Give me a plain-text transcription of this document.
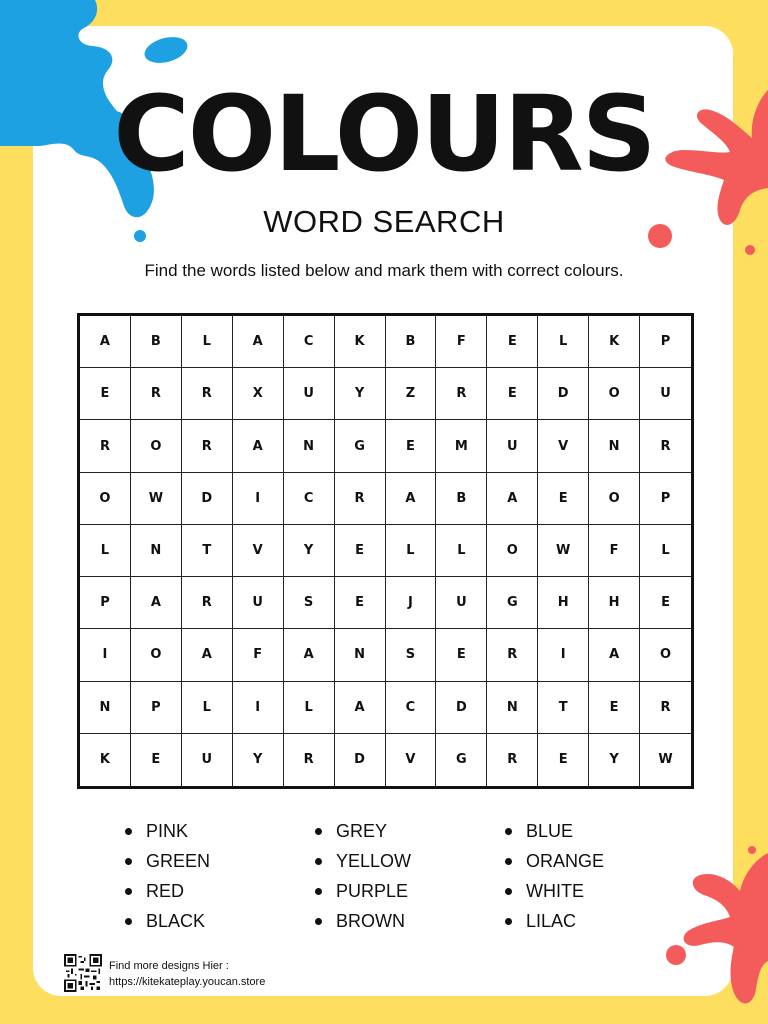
COLOURS
WORD SEARCH
Find the words listed below and mark them with correct colours.
A	B	L	A	C	K	B	F	E	L	K	P
E	R	R	X	U	Y	Z	R	E	D	O	U
R	O	R	A	N	G	E	M	U	V	N	R
O	W	D	I	C	R	A	B	A	E	O	P
L	N	T	V	Y	E	L	L	O	W	F	L
P	A	R	U	S	E	J	U	G	H	H	E
I	O	A	F	A	N	S	E	R	I	A	O
N	P	L	I	L	A	C	D	N	T	E	R
K	E	U	Y	R	D	V	G	R	E	Y	W
PINK
GREEN
RED
BLACK
GREY
YELLOW
PURPLE
BROWN
BLUE
ORANGE
WHITE
LILAC
Find more designs Hier :
https://kitekateplay.youcan.store
